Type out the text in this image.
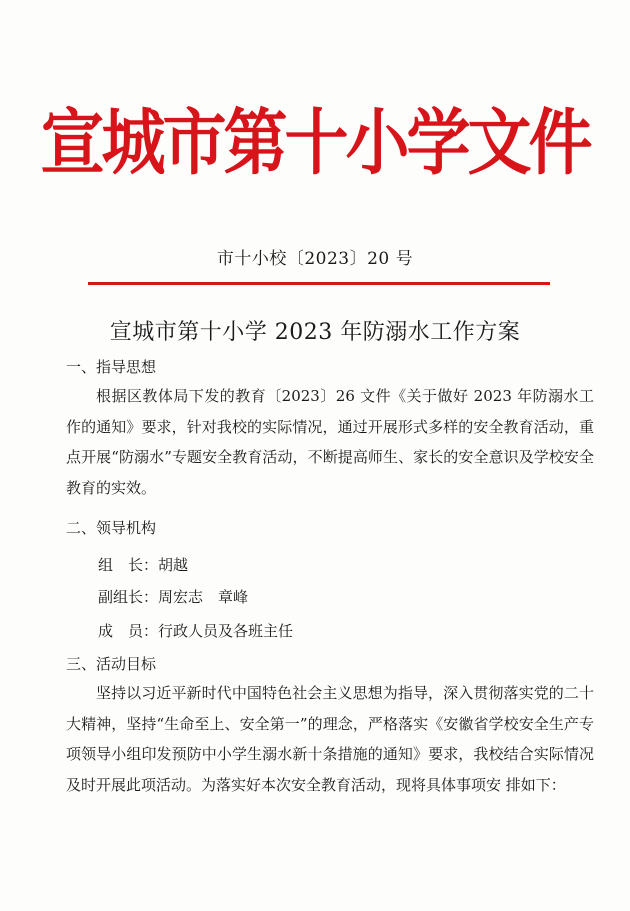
宣城市第十小学文件
市十小校〔2023〕20 号
宣城市第十小学 2023 年防溺水工作方案
一、指导思想
根据区教体局下发的教育〔2023〕26 文件《关于做好 2023 年防溺水工作的通知》要求，针对我校的实际情况，通过开展形式多样的安全教育活动，重点开展“防溺水”专题安全教育活动，不断提高师生、家长的安全意识及学校安全教育的实效。
二、领导机构
组　长：胡越
副组长：周宏志　章峰
成　员：行政人员及各班主任
三、活动目标
坚持以习近平新时代中国特色社会主义思想为指导，深入贯彻落实党的二十大精神，坚持“生命至上、安全第一”的理念，严格落实《安徽省学校安全生产专项领导小组印发预防中小学生溺水新十条措施的通知》要求，我校结合实际情况及时开展此项活动。为落实好本次安全教育活动，现将具体事项安 排如下：
